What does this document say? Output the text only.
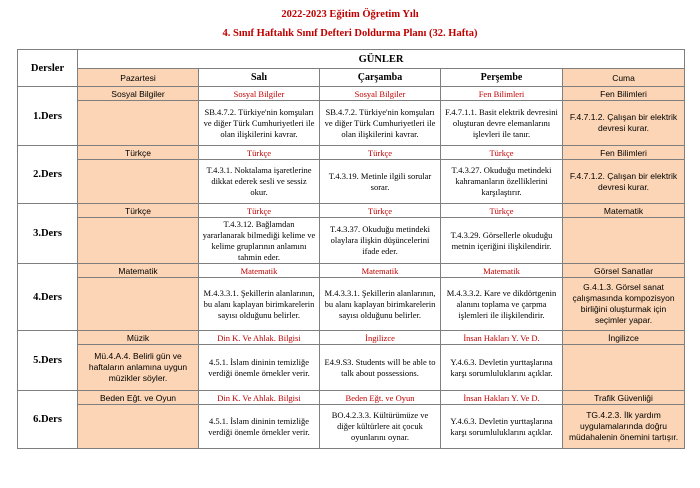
2022-2023 Eğitim Öğretim Yılı
4. Sınıf Haftalık Sınıf Defteri Doldurma Planı (32. Hafta)
Dersler	GÜNLER				
	Pazartesi	Salı	Çarşamba	Perşembe	Cuma
1.Ders	Sosyal Bilgiler	Sosyal Bilgiler	Sosyal Bilgiler	Fen Bilimleri	Fen Bilimleri
		SB.4.7.2. Türkiye'nin komşuları ve diğer Türk Cumhuriyetleri ile olan ilişkilerini kavrar.	SB.4.7.2. Türkiye'nin komşuları ve diğer Türk Cumhuriyetleri ile olan ilişkilerini kavrar.	F.4.7.1.1. Basit elektrik devresini oluşturan devre elemanlarını işlevleri ile tanır.	F.4.7.1.2. Çalışan bir elektrik devresi kurar.
2.Ders	Türkçe	Türkçe	Türkçe	Türkçe	Fen Bilimleri
		T.4.3.1. Noktalama işaretlerine dikkat ederek sesli ve sessiz okur.	T.4.3.19. Metinle ilgili sorular sorar.	T.4.3.27. Okuduğu metindeki kahramanların özelliklerini karşılaştırır.	F.4.7.1.2. Çalışan bir elektrik devresi kurar.
3.Ders	Türkçe	Türkçe	Türkçe	Türkçe	Matematik
		T.4.3.12. Bağlamdan yararlanarak bilmediği kelime ve kelime gruplarının anlamını tahmin eder.	T.4.3.37. Okuduğu metindeki olaylara ilişkin düşüncelerini ifade eder.	T.4.3.29. Görsellerle okuduğu metnin içeriğini ilişkilendirir.	
4.Ders	Matematik	Matematik	Matematik	Matematik	Görsel Sanatlar
		M.4.3.3.1. Şekillerin alanlarının, bu alanı kaplayan birimkarelerin sayısı olduğunu belirler.	M.4.3.3.1. Şekillerin alanlarının, bu alanı kaplayan birimkarelerin sayısı olduğunu belirler.	M.4.3.3.2. Kare ve dikdörtgenin alanını toplama ve çarpma işlemleri ile ilişkilendirir.	G.4.1.3. Görsel sanat çalışmasında kompozisyon birliğini oluşturmak için seçimler yapar.
5.Ders	Müzik	Din K. Ve Ahlak. Bilgisi	İngilizce	İnsan Hakları Y. Ve D.	İngilizce
	Mü.4.A.4. Belirli gün ve haftaların anlamına uygun müzikler söyler.	4.5.1. İslam dininin temizliğe verdiği önemle örnekler verir.	E4.9.S3. Students will be able to talk about possessions.	Y.4.6.3. Devletin yurttaşlarına karşı sorumluluklarını açıklar.	
6.Ders	Beden Eğt. ve Oyun	Din K. Ve Ahlak. Bilgisi	Beden Eğt. ve Oyun	İnsan Hakları Y. Ve D.	Trafik Güvenliği
		4.5.1. İslam dininin temizliğe verdiği önemle örnekler verir.	BO.4.2.3.3. Kültürümüze ve diğer kültürlere ait çocuk oyunlarını oynar.	Y.4.6.3. Devletin yurttaşlarına karşı sorumluluklarını açıklar.	TG.4.2.3. İlk yardım uygulamalarında doğru müdahalenin önemini tartışır.
